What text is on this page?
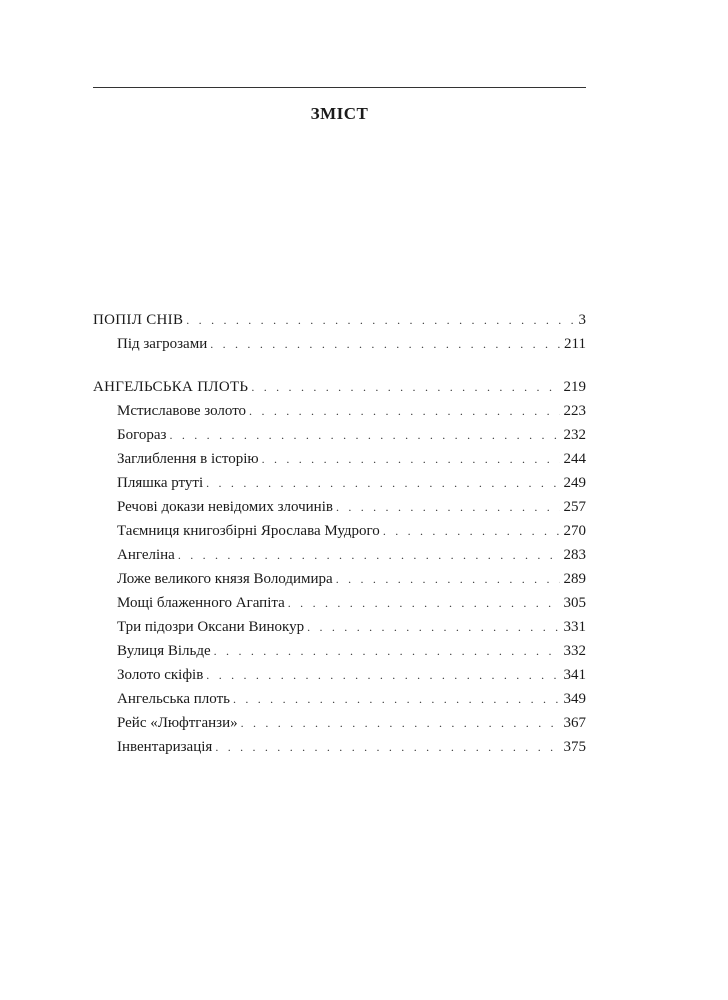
ЗМІСТ
ПОПІЛ СНІВ . . .	3
Під загрозами . . .	211
АНГЕЛЬСЬКА ПЛОТЬ . . .	219
Мстиславове золото . . .	223
Богораз . . .	232
Заглиблення в історію . . .	244
Пляшка ртуті . . .	249
Речові докази невідомих злочинів . . .	257
Таємниця книгозбірні Ярослава Мудрого . . .	270
Ангеліна . . .	283
Ложе великого князя Володимира . . .	289
Мощі блаженного Агапіта . . .	305
Три підозри Оксани Винокур . . .	331
Вулиця Вільде . . .	332
Золото скіфів . . .	341
Ангельська плоть . . .	349
Рейс «Люфтганзи» . . .	367
Інвентаризація . . .	375
